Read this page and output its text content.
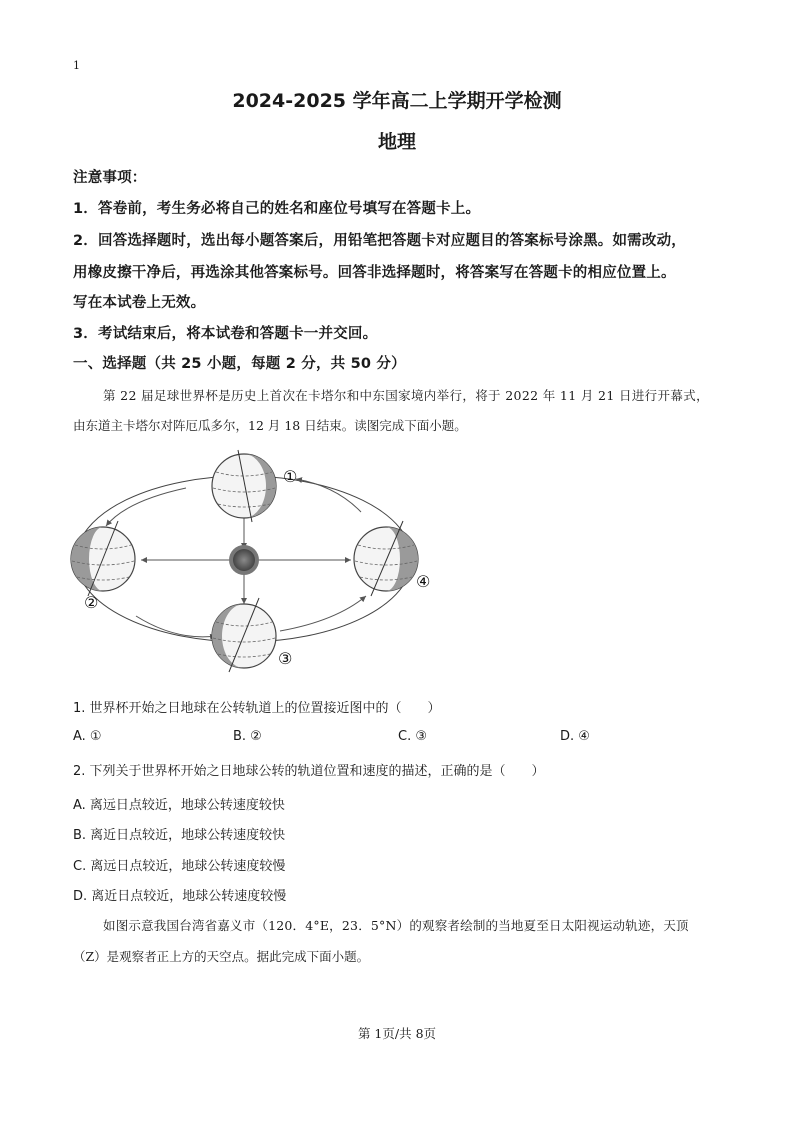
1
2024-2025 学年高二上学期开学检测
地理
注意事项：
1．答卷前，考生务必将自己的姓名和座位号填写在答题卡上。
2．回答选择题时，选出每小题答案后，用铅笔把答题卡对应题目的答案标号涂黑。如需改动，
用橡皮擦干净后，再选涂其他答案标号。回答非选择题时，将答案写在答题卡的相应位置上。
写在本试卷上无效。
3．考试结束后，将本试卷和答题卡一并交回。
一、选择题（共 25 小题，每题 2 分，共 50 分）
第 22 届足球世界杯是历史上首次在卡塔尔和中东国家境内举行，将于 2022 年 11 月 21 日进行开幕式，
由东道主卡塔尔对阵厄瓜多尔，12 月 18 日结束。读图完成下面小题。
①
②
③
④
1. 世界杯开始之日地球在公转轨道上的位置接近图中的（　　）
A. ①	B. ②	C. ③	D. ④
2. 下列关于世界杯开始之日地球公转的轨道位置和速度的描述，正确的是（　　）
A. 离远日点较近，地球公转速度较快
B. 离近日点较近，地球公转速度较快
C. 离远日点较近，地球公转速度较慢
D. 离近日点较近，地球公转速度较慢
如图示意我国台湾省嘉义市（120．4°E，23．5°N）的观察者绘制的当地夏至日太阳视运动轨迹，天顶
（Z）是观察者正上方的天空点。据此完成下面小题。
第 1页/共 8页
